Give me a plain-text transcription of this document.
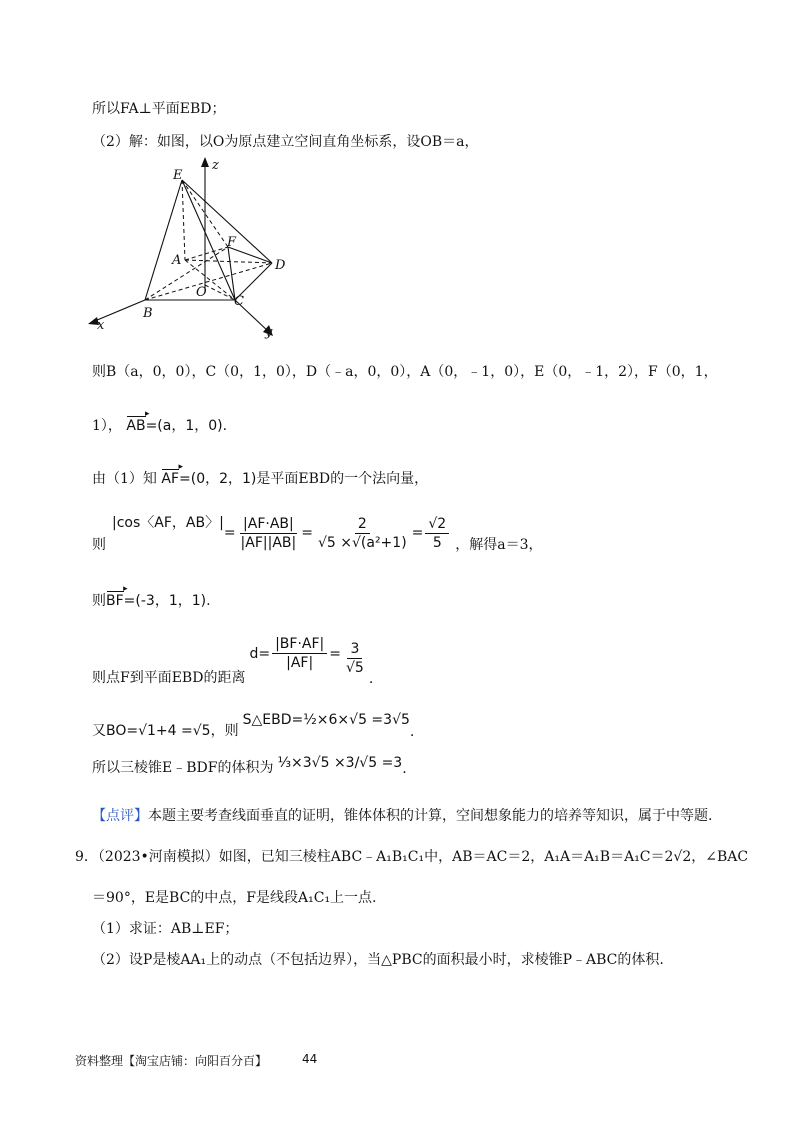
所以FA⊥平面EBD；
（2）解：如图，以O为原点建立空间直角坐标系，设OB＝a，
E
z
F
A	D
O
C
B
x	y
则B（a，0，0），C（0，1，0），D（﹣a，0，0），A（0，﹣1，0），E（0，﹣1，2），F（0，1，
1）， AB ▸=(a，1，0).
由（1）知 AF ▸=(0，2，1)是平面EBD的一个法向量，
则
|cos〈AF，AB〉|
= $\frac{|AF\cdot AB|}{|AF||AB|} = \frac{2}{\text{√5 ×√(a²+1)}} = \frac{√2}{5}$ ，解得a＝3，
则BF ▸=(-3，1，1).
则点F到平面EBD的距离
$d= \frac{|BF\cdot AF|}{|AF|} = \frac{3}{√5}$
.
又BO=√1+4 =√5，则
S△EBD =½×6×√5 =3√5
.
所以三棱锥E﹣BDF的体积为 ⅓×3√5 ×3/√5 =3 .
【点评】本题主要考查线面垂直的证明，锥体体积的计算，空间想象能力的培养等知识，属于中等题.
9．（2023•河南模拟）如图，已知三棱柱ABC﹣A₁B₁C₁中，AB＝AC＝2，A₁A＝A₁B＝A₁C＝2√2，∠BAC
＝90°，E是BC的中点，F是线段A₁C₁上一点.
（1）求证：AB⊥EF；
（2）设P是棱AA₁上的动点（不包括边界），当△PBC的面积最小时，求棱锥P﹣ABC的体积.
资料整理【淘宝店铺：向阳百分百】	44
